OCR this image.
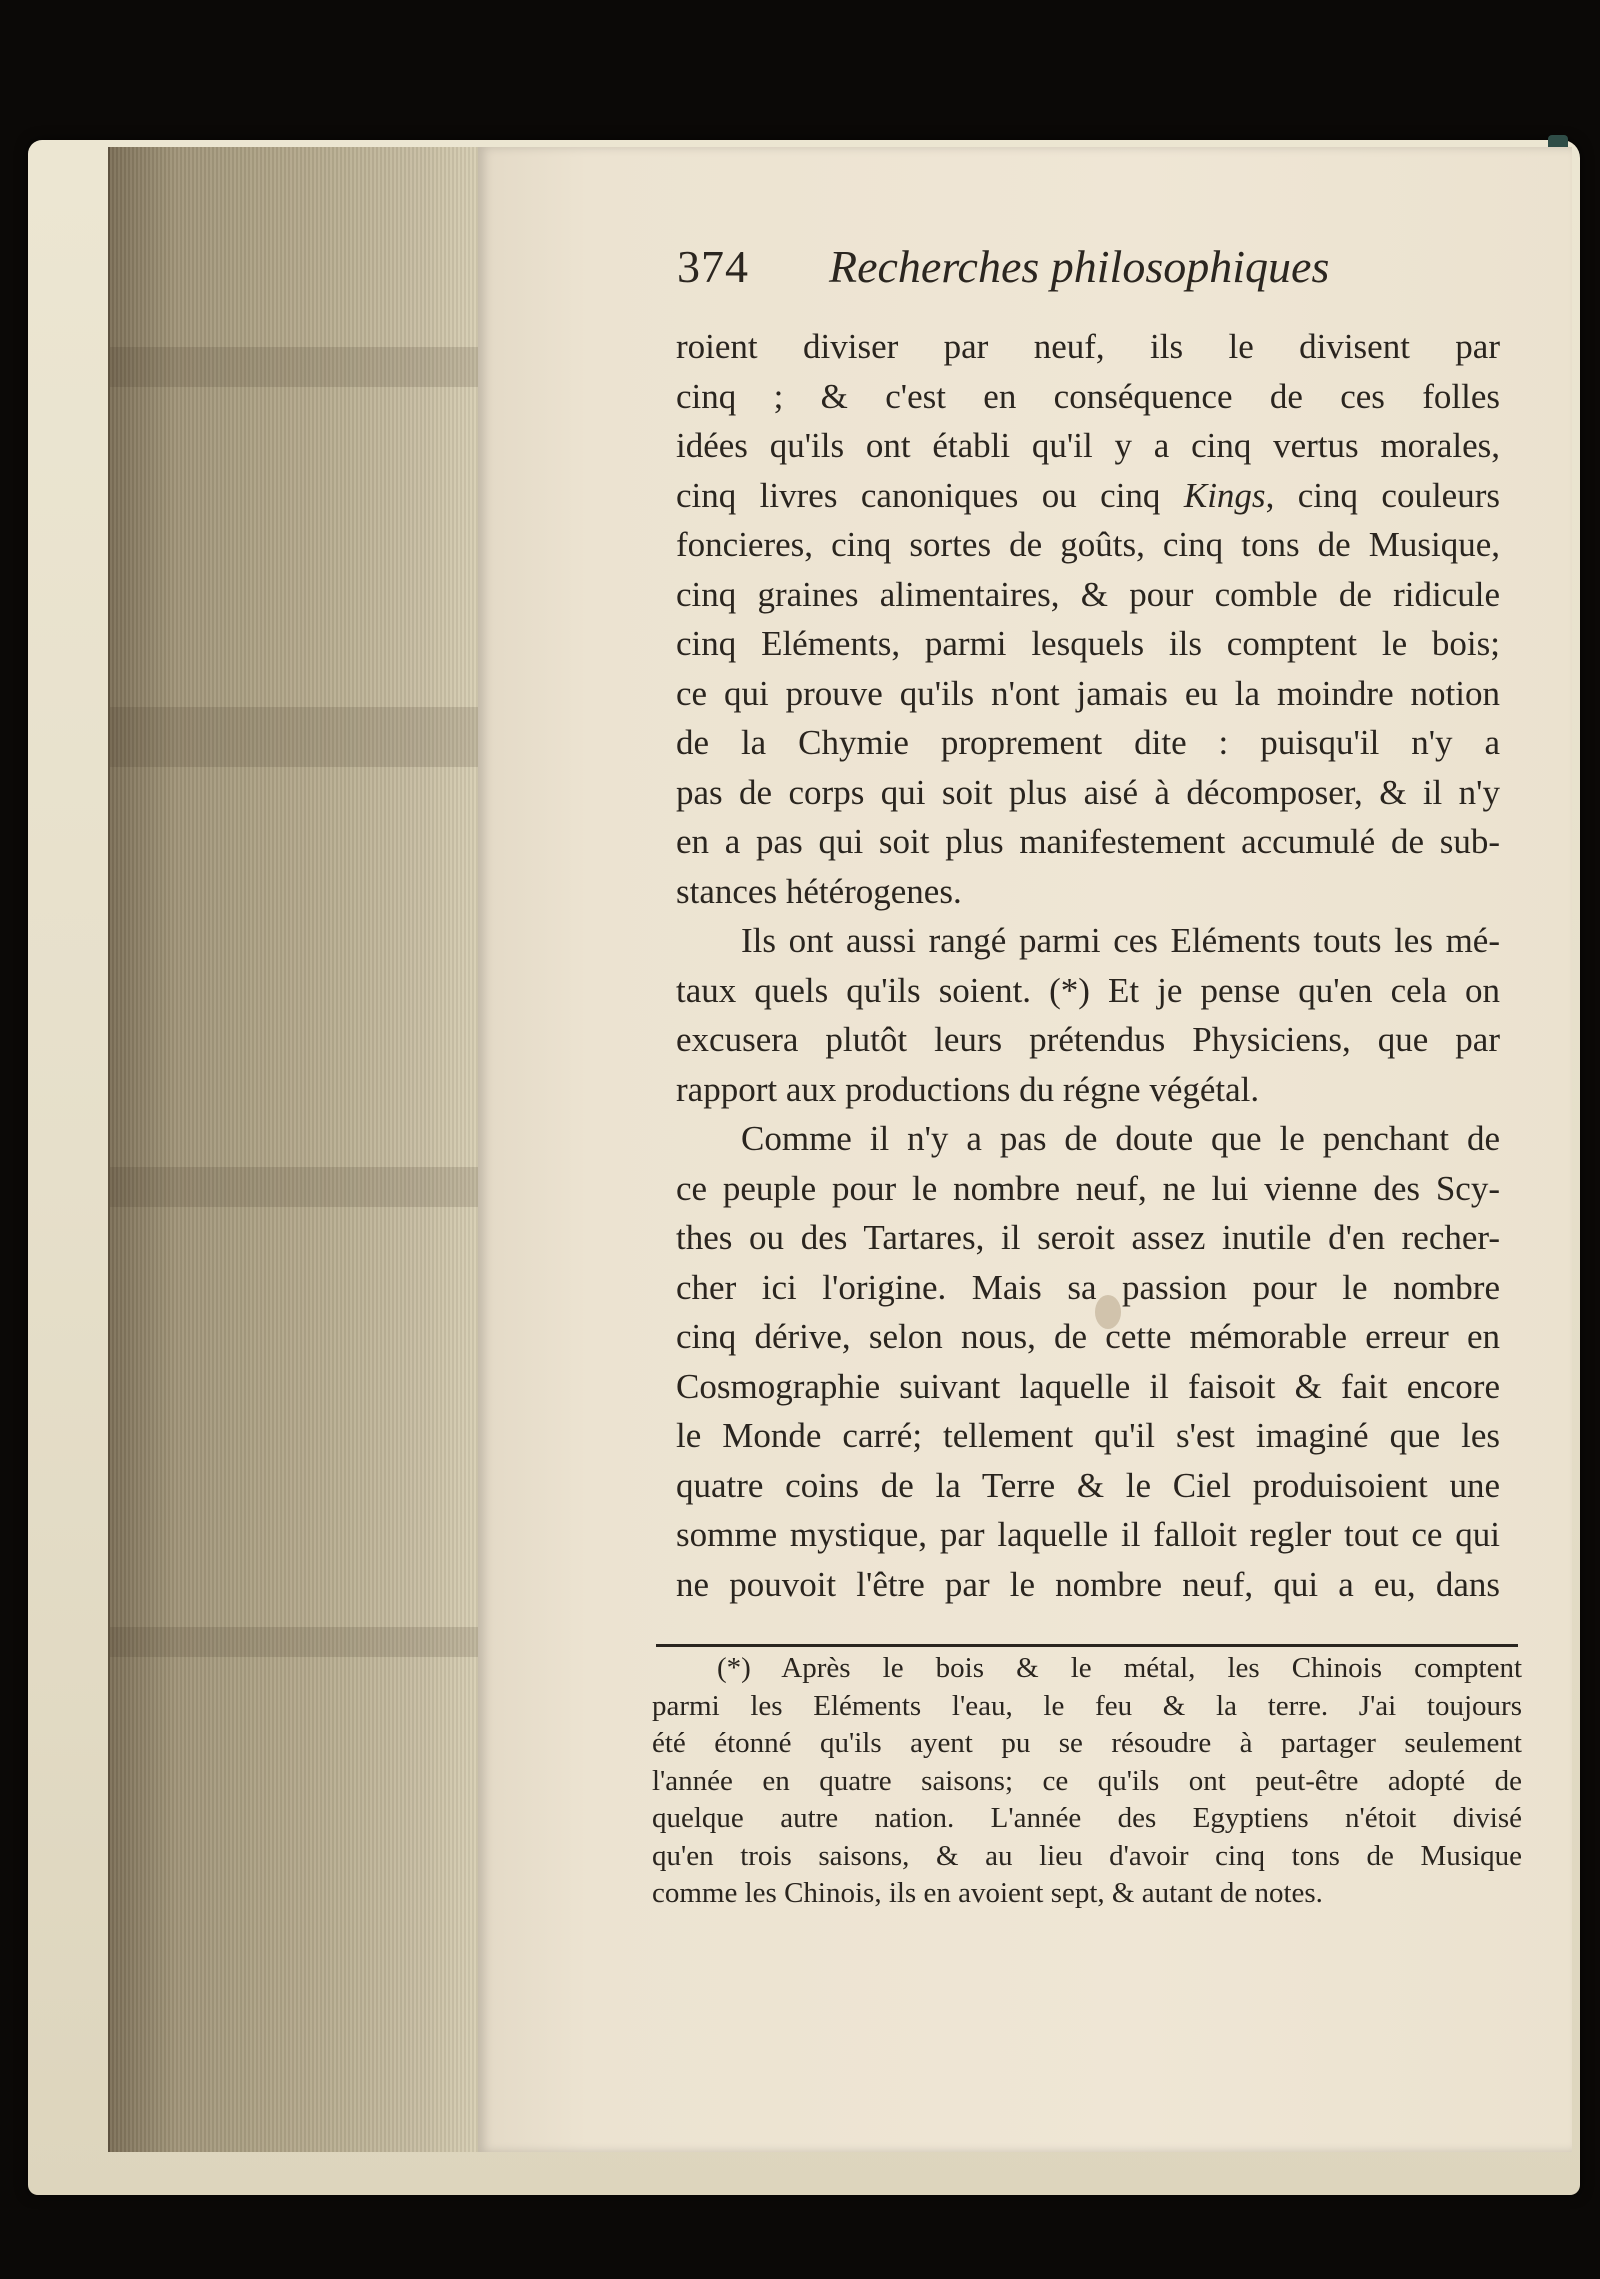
374 Recherches philosophiques
roient diviser par neuf, ils le divisent par
cinq ; & c'est en conséquence de ces folles
idées qu'ils ont établi qu'il y a cinq vertus morales,
cinq livres canoniques ou cinq Kings, cinq couleurs
foncieres, cinq sortes de goûts, cinq tons de Musique,
cinq graines alimentaires, & pour comble de ridicule
cinq Eléments, parmi lesquels ils comptent le bois;
ce qui prouve qu'ils n'ont jamais eu la moindre notion
de la Chymie proprement dite : puisqu'il n'y a
pas de corps qui soit plus aisé à décomposer, & il n'y
en a pas qui soit plus manifestement accumulé de sub-
stances hétérogenes.
Ils ont aussi rangé parmi ces Eléments touts les mé-
taux quels qu'ils soient. (*) Et je pense qu'en cela on
excusera plutôt leurs prétendus Physiciens, que par
rapport aux productions du régne végétal.
Comme il n'y a pas de doute que le penchant de
ce peuple pour le nombre neuf, ne lui vienne des Scy-
thes ou des Tartares, il seroit assez inutile d'en recher-
cher ici l'origine. Mais sa passion pour le nombre
cinq dérive, selon nous, de cette mémorable erreur en
Cosmographie suivant laquelle il faisoit & fait encore
le Monde carré; tellement qu'il s'est imaginé que les
quatre coins de la Terre & le Ciel produisoient une
somme mystique, par laquelle il falloit regler tout ce qui
ne pouvoit l'être par le nombre neuf, qui a eu, dans
(*) Après le bois & le métal, les Chinois comptent
parmi les Eléments l'eau, le feu & la terre. J'ai toujours
été étonné qu'ils ayent pu se résoudre à partager seulement
l'année en quatre saisons; ce qu'ils ont peut-être adopté de
quelque autre nation. L'année des Egyptiens n'étoit divisé
qu'en trois saisons, & au lieu d'avoir cinq tons de Musique
comme les Chinois, ils en avoient sept, & autant de notes.
